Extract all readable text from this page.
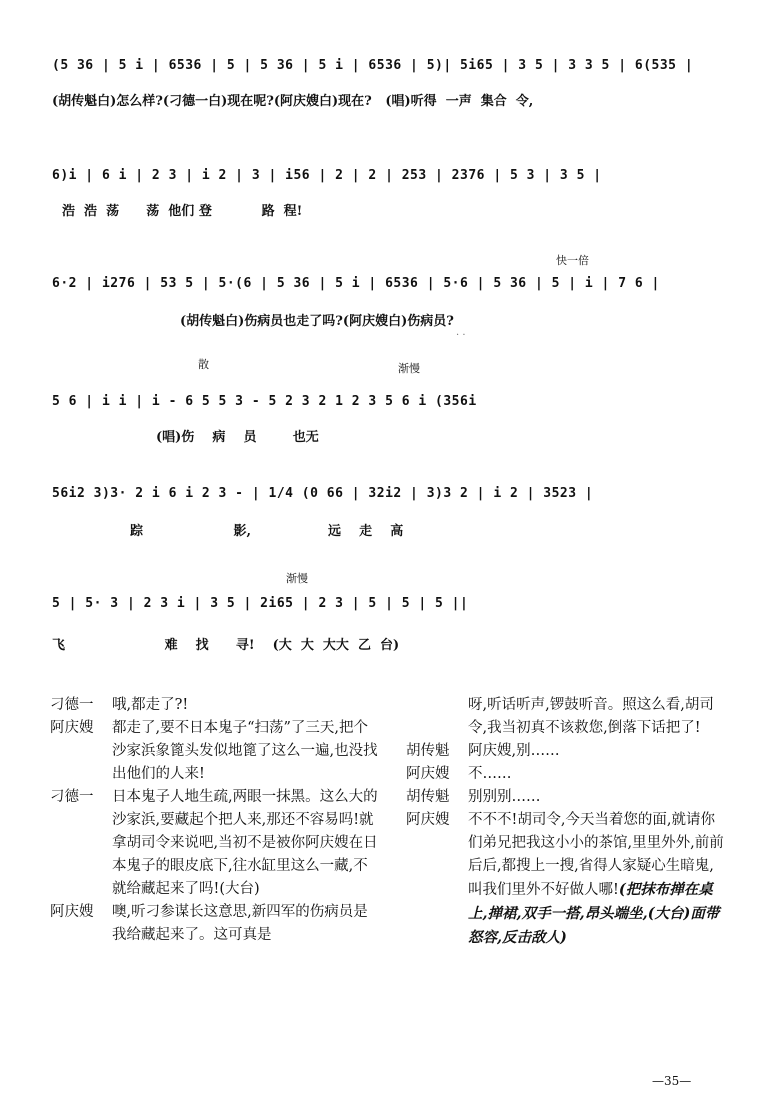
(5 36 | 5 i | 6536 | 5 | 5 36 | 5 i | 6536 | 5)| 5i65 | 3 5 | 3 3 5 | 6(535 |
(胡传魁白)怎么样?(刁德一白)现在呢?(阿庆嫂白)现在?   (唱)听得  一声  集合  令,
6)i | 6 i | 2 3 | i 2 | 3 | i56 | 2 | 2 | 253 | 2376 | 5 3 | 3 5 |
浩  浩  荡      荡  他们 登           路  程!
快一倍
6·2 | i276 | 53 5 | 5·(6 | 5 36 | 5 i | 6536 | 5·6 | 5 36 | 5 | i | 7 6 |
(胡传魁白)伤病员也走了吗?(阿庆嫂白)伤病员?
散	渐慢
5 6 | i i | i - 6 5 5 3 - 5 2 3 2 1 2 3 5 6 i (356i
(唱)伤    病    员        也无
56i2 3)3· 2 i 6 i 2 3 - | 1/4 (0 66 | 32i2 | 3)3 2 | i 2 | 3523 |
踪                    影,                 远    走    高
渐慢
5 | 5· 3 | 2 3 i | 3 5 | 2i65 | 2 3 | 5 | 5 | 5 ||
飞                      难    找      寻!    (大  大  大大  乙  台)
· ·
刁德一	哦,都走了?!
阿庆嫂	都走了,要不日本鬼子“扫荡”了三天,把个沙家浜象篦头发似地篦了这么一遍,也没找出他们的人来!
刁德一	日本鬼子人地生疏,两眼一抹黑。这么大的沙家浜,要藏起个把人来,那还不容易吗!就拿胡司令来说吧,当初不是被你阿庆嫂在日本鬼子的眼皮底下,往水缸里这么一藏,不就给藏起来了吗!(大台)
阿庆嫂	噢,听刁参谋长这意思,新四军的伤病员是我给藏起来了。这可真是
呀,听话听声,锣鼓听音。照这么看,胡司令,我当初真不该救您,倒落下话把了!
胡传魁	阿庆嫂,别……
阿庆嫂	不……
胡传魁	别别别……
阿庆嫂	不不不!胡司令,今天当着您的面,就请你们弟兄把我这小小的茶馆,里里外外,前前后后,都搜上一搜,省得人家疑心生暗鬼,叫我们里外不好做人哪!(把抹布掸在桌上,掸裙,双手一搭,昂头端坐,(大台)面带怒容,反击敌人)
—35—
